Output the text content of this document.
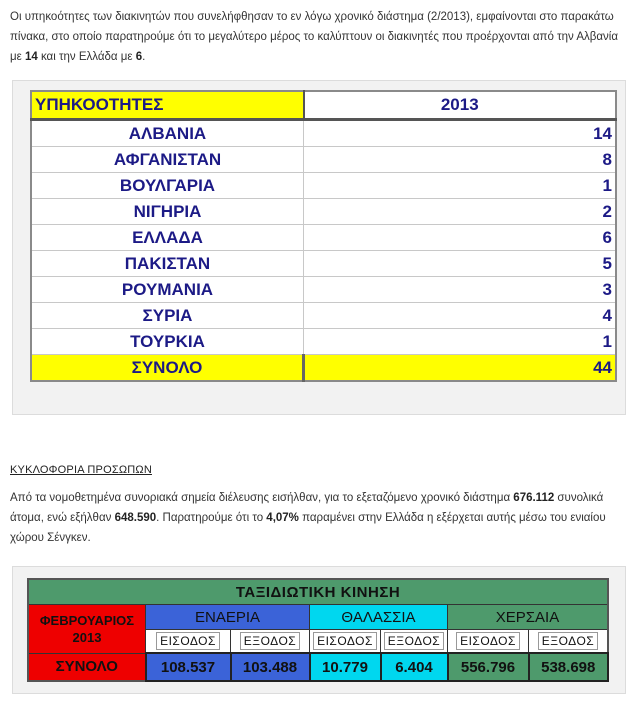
Οι υπηκοότητες των διακινητών που συνελήφθησαν το εν λόγω χρονικό διάστημα (2/2013), εμφαίνονται στο παρακάτω πίνακα, στο οποίο παρατηρούμε ότι το μεγαλύτερο μέρος το καλύπτουν οι διακινητές που προέρχονται από την Αλβανία με 14 και την Ελλάδα με 6.
ΥΠΗΚΟΟΤΗΤΕΣ	2013
ΑΛΒΑΝΙΑ	14
ΑΦΓΑΝΙΣΤΑΝ	8
ΒΟΥΛΓΑΡΙΑ	1
ΝΙΓΗΡΙΑ	2
ΕΛΛΑΔΑ	6
ΠΑΚΙΣΤΑΝ	5
ΡΟΥΜΑΝΙΑ	3
ΣΥΡΙΑ	4
ΤΟΥΡΚΙΑ	1
ΣΥΝΟΛΟ	44
ΚΥΚΛΟΦΟΡΙΑ ΠΡΟΣΩΠΩΝ
Από τα νομοθετημένα συνοριακά σημεία διέλευσης εισήλθαν, για το εξεταζόμενο χρονικό διάστημα 676.112 συνολικά άτομα, ενώ εξήλθαν 648.590. Παρατηρούμε ότι το 4,07% παραμένει στην Ελλάδα η εξέρχεται αυτής μέσω του ενιαίου χώρου Σένγκεν.
ΤΑΞΙΔΙΩΤΙΚΗ ΚΙΝΗΣΗ						
ΦΕΒΡΟΥΑΡΙΟΣ 2013	ΕΝΑΕΡΙΑ		ΘΑΛΑΣΣΙΑ		ΧΕΡΣΑΙΑ	
	ΕΙΣΟΔΟΣ	ΕΞΟΔΟΣ	ΕΙΣΟΔΟΣ	ΕΞΟΔΟΣ	ΕΙΣΟΔΟΣ	ΕΞΟΔΟΣ
ΣΥΝΟΛΟ	108.537	103.488	10.779	6.404	556.796	538.698
